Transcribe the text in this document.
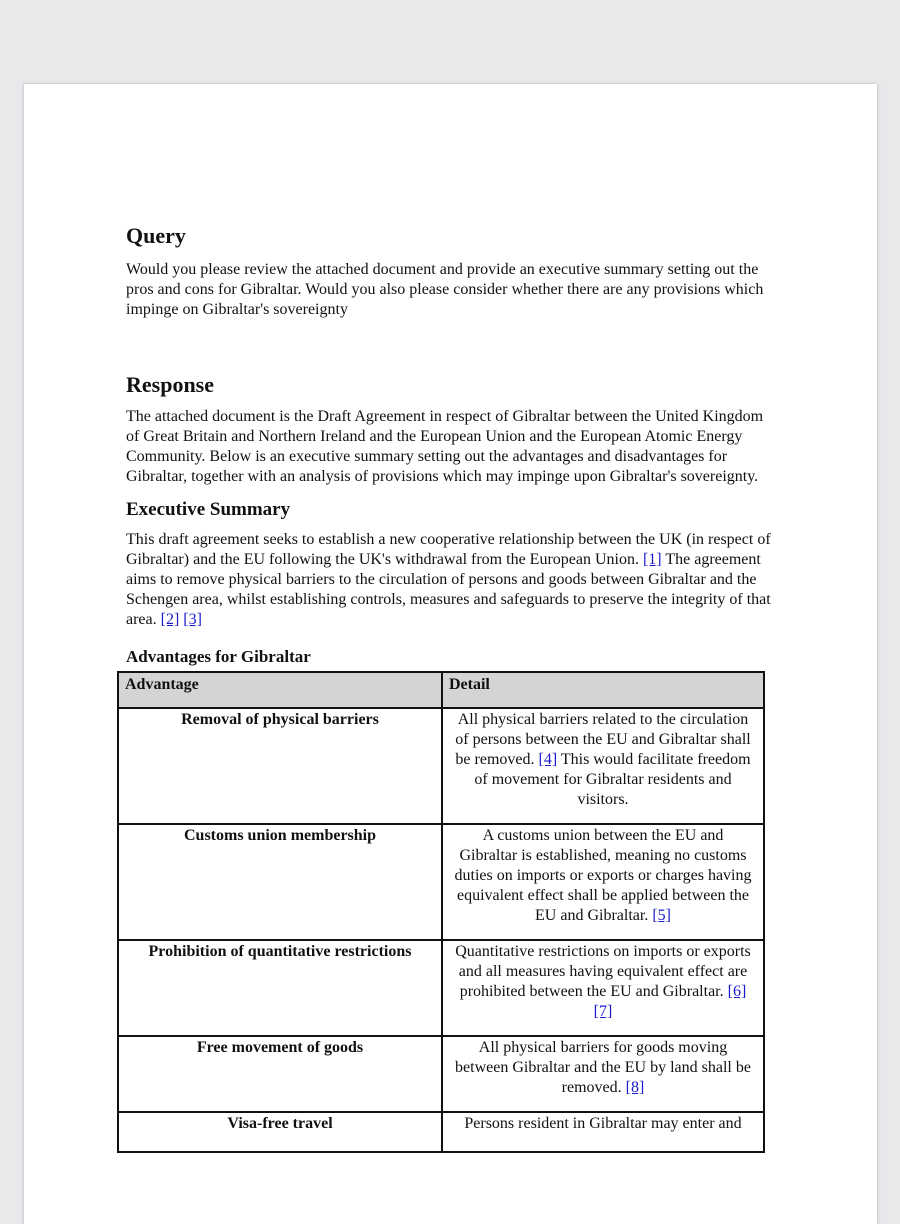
Query

Would you please review the attached document and provide an executive summary setting out the pros and cons for Gibraltar. Would you also please consider whether there are any provisions which impinge on Gibraltar's sovereignty

Response

The attached document is the Draft Agreement in respect of Gibraltar between the United Kingdom of Great Britain and Northern Ireland and the European Union and the European Atomic Energy Community. Below is an executive summary setting out the advantages and disadvantages for Gibraltar, together with an analysis of provisions which may impinge upon Gibraltar's sovereignty.

Executive Summary

This draft agreement seeks to establish a new cooperative relationship between the UK (in respect of Gibraltar) and the EU following the UK's withdrawal from the European Union. [1] The agreement aims to remove physical barriers to the circulation of persons and goods between Gibraltar and the Schengen area, whilst establishing controls, measures and safeguards to preserve the integrity of that area. [2] [3]

Advantages for Gibraltar
Advantage	Detail
Removal of physical barriers	All physical barriers related to the circulation of persons between the EU and Gibraltar shall be removed. [4] This would facilitate freedom of movement for Gibraltar residents and visitors.
Customs union membership	A customs union between the EU and Gibraltar is established, meaning no customs duties on imports or exports or charges having equivalent effect shall be applied between the EU and Gibraltar. [5]
Prohibition of quantitative restrictions	Quantitative restrictions on imports or exports and all measures having equivalent effect are prohibited between the EU and Gibraltar. [6] [7]
Free movement of goods	All physical barriers for goods moving between Gibraltar and the EU by land shall be removed. [8]
Visa-free travel	Persons resident in Gibraltar may enter and
